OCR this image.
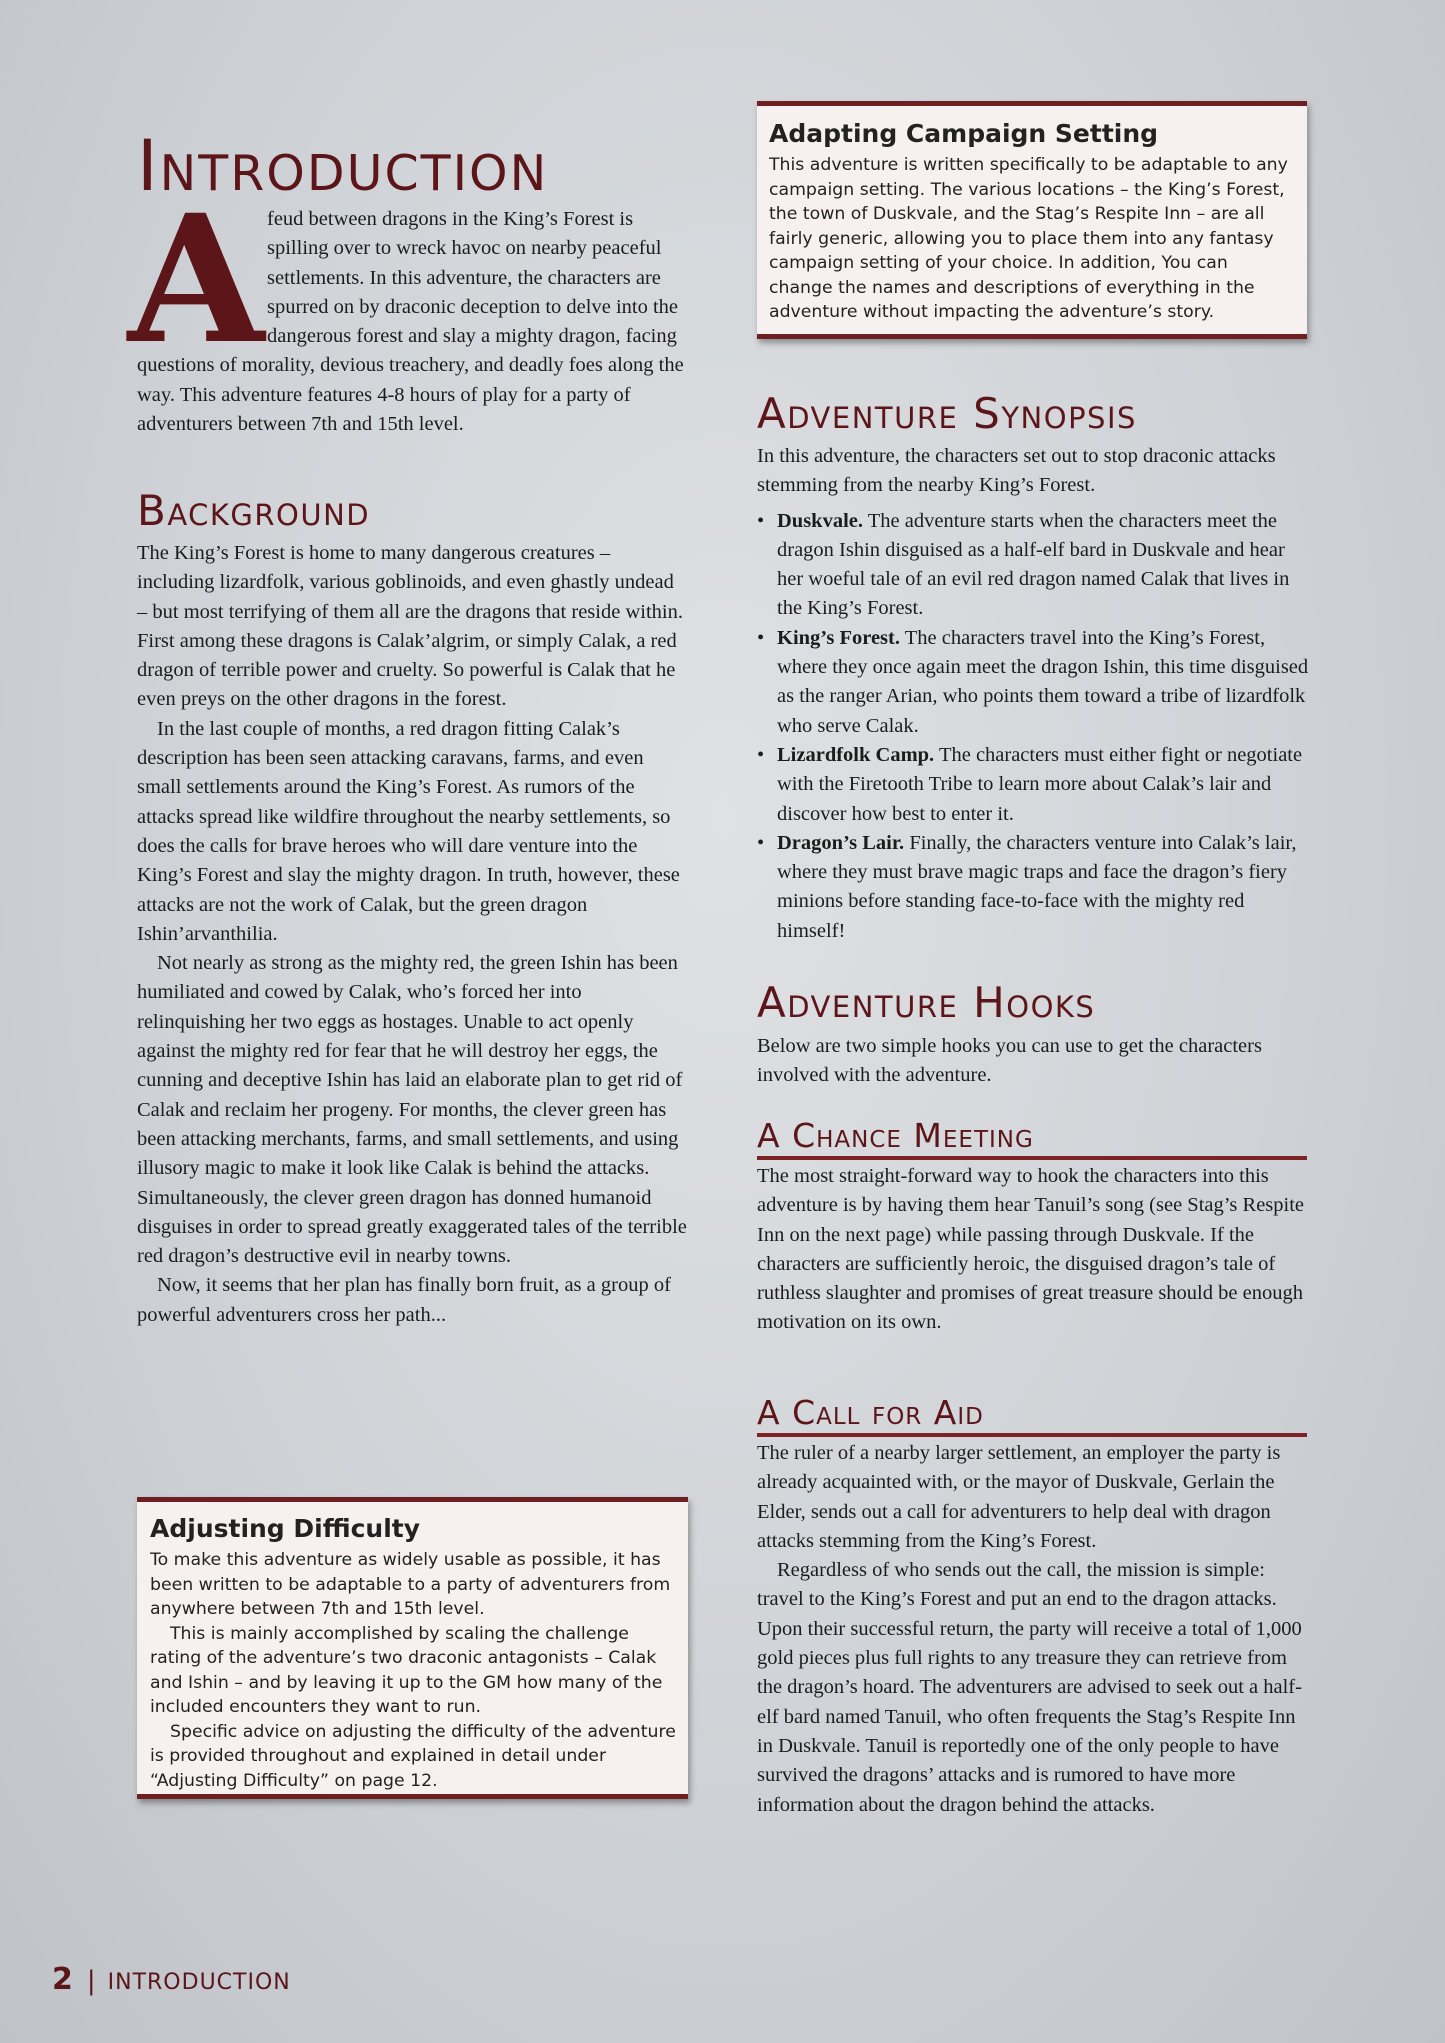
Introduction
A feud between dragons in the King’s Forest is spilling over to wreck havoc on nearby peaceful settlements. In this adventure, the characters are spurred on by draconic deception to delve into the dangerous forest and slay a mighty dragon, facing questions of morality, devious treachery, and deadly foes along the way. This adventure features 4-8 hours of play for a party of adventurers between 7th and 15th level.

Background

The King’s Forest is home to many dangerous creatures – including lizardfolk, various goblinoids, and even ghastly undead – but most terrifying of them all are the dragons that reside within. First among these dragons is Calak’algrim, or simply Calak, a red dragon of terrible power and cruelty. So powerful is Calak that he even preys on the other dragons in the forest.

In the last couple of months, a red dragon fitting Calak’s description has been seen attacking caravans, farms, and even small settlements around the King’s Forest. As rumors of the attacks spread like wildfire throughout the nearby settlements, so does the calls for brave heroes who will dare venture into the King’s Forest and slay the mighty dragon. In truth, however, these attacks are not the work of Calak, but the green dragon Ishin’arvanthilia.

Not nearly as strong as the mighty red, the green Ishin has been humiliated and cowed by Calak, who’s forced her into relinquishing her two eggs as hostages. Unable to act openly against the mighty red for fear that he will destroy her eggs, the cunning and deceptive Ishin has laid an elaborate plan to get rid of Calak and reclaim her progeny. For months, the clever green has been attacking merchants, farms, and small settlements, and using illusory magic to make it look like Calak is behind the attacks. Simultaneously, the clever green dragon has donned humanoid disguises in order to spread greatly exaggerated tales of the terrible red dragon’s destructive evil in nearby towns.

Now, it seems that her plan has finally born fruit, as a group of powerful adventurers cross her path...

Adjusting Difficulty

To make this adventure as widely usable as possible, it has been written to be adaptable to a party of adventurers from anywhere between 7th and 15th level.

This is mainly accomplished by scaling the challenge rating of the adventure’s two draconic antagonists – Calak and Ishin – and by leaving it up to the GM how many of the included encounters they want to run.

Specific advice on adjusting the difficulty of the adventure is provided throughout and explained in detail under “Adjusting Difficulty” on page 12.

Adapting Campaign Setting

This adventure is written specifically to be adaptable to any campaign setting. The various locations – the King’s Forest, the town of Duskvale, and the Stag’s Respite Inn – are all fairly generic, allowing you to place them into any fantasy campaign setting of your choice. In addition, You can change the names and descriptions of everything in the adventure without impacting the adventure’s story.

Adventure Synopsis

In this adventure, the characters set out to stop draconic attacks stemming from the nearby King’s Forest.

• Duskvale. The adventure starts when the characters meet the dragon Ishin disguised as a half-elf bard in Duskvale and hear her woeful tale of an evil red dragon named Calak that lives in the King’s Forest.
• King’s Forest. The characters travel into the King’s Forest, where they once again meet the dragon Ishin, this time disguised as the ranger Arian, who points them toward a tribe of lizardfolk who serve Calak.
• Lizardfolk Camp. The characters must either fight or negotiate with the Firetooth Tribe to learn more about Calak’s lair and discover how best to enter it.
• Dragon’s Lair. Finally, the characters venture into Calak’s lair, where they must brave magic traps and face the dragon’s fiery minions before standing face-to-face with the mighty red himself!
Adventure Hooks

Below are two simple hooks you can use to get the characters involved with the adventure.

A Chance Meeting

The most straight-forward way to hook the characters into this adventure is by having them hear Tanuil’s song (see Stag’s Respite Inn on the next page) while passing through Duskvale. If the characters are sufficiently heroic, the disguised dragon’s tale of ruthless slaughter and promises of great treasure should be enough motivation on its own.

A Call for Aid

The ruler of a nearby larger settlement, an employer the party is already acquainted with, or the mayor of Duskvale, Gerlain the Elder, sends out a call for adventurers to help deal with dragon attacks stemming from the King’s Forest.

Regardless of who sends out the call, the mission is simple: travel to the King’s Forest and put an end to the dragon attacks. Upon their successful return, the party will receive a total of 1,000 gold pieces plus full rights to any treasure they can retrieve from the dragon’s hoard. The adventurers are advised to seek out a half-elf bard named Tanuil, who often frequents the Stag’s Respite Inn in Duskvale. Tanuil is reportedly one of the only people to have survived the dragons’ attacks and is rumored to have more information about the dragon behind the attacks.

2 | INTRODUCTION
